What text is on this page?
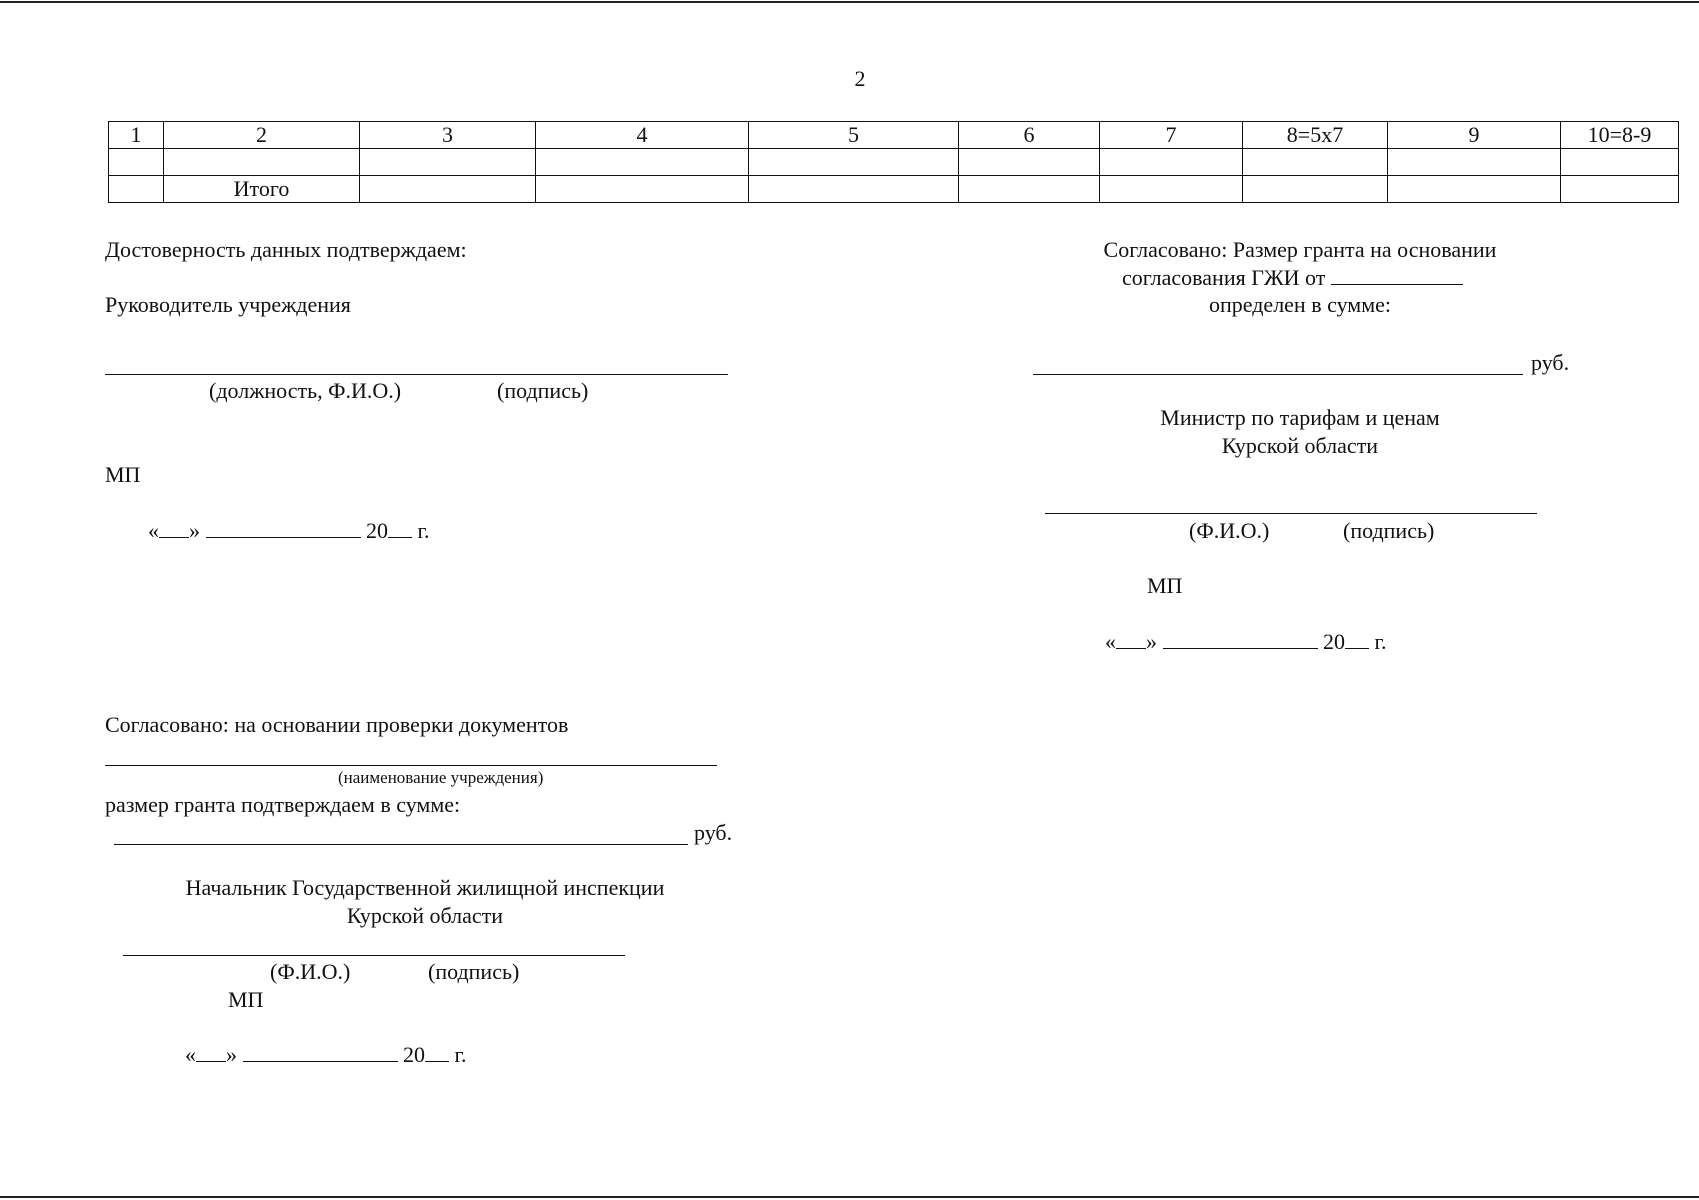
2
1	2	3	4	5	6	7	8=5x7	9	10=8-9

	Итого								
Достоверность данных подтверждаем:
Руководитель учреждения
(должность, Ф.И.О.)	(подпись)
МП
« »	20 г.
Согласовано: Размер гранта на основании
согласования ГЖИ от
определен в сумме:
руб.
Министр по тарифам и ценам
Курской области
(Ф.И.О.)	(подпись)
МП
« »	20 г.
Согласовано: на основании проверки документов
(наименование учреждения)
размер гранта подтверждаем в сумме:
руб.
Начальник Государственной жилищной инспекции
Курской области
(Ф.И.О.)	(подпись)
МП
« »	20 г.
